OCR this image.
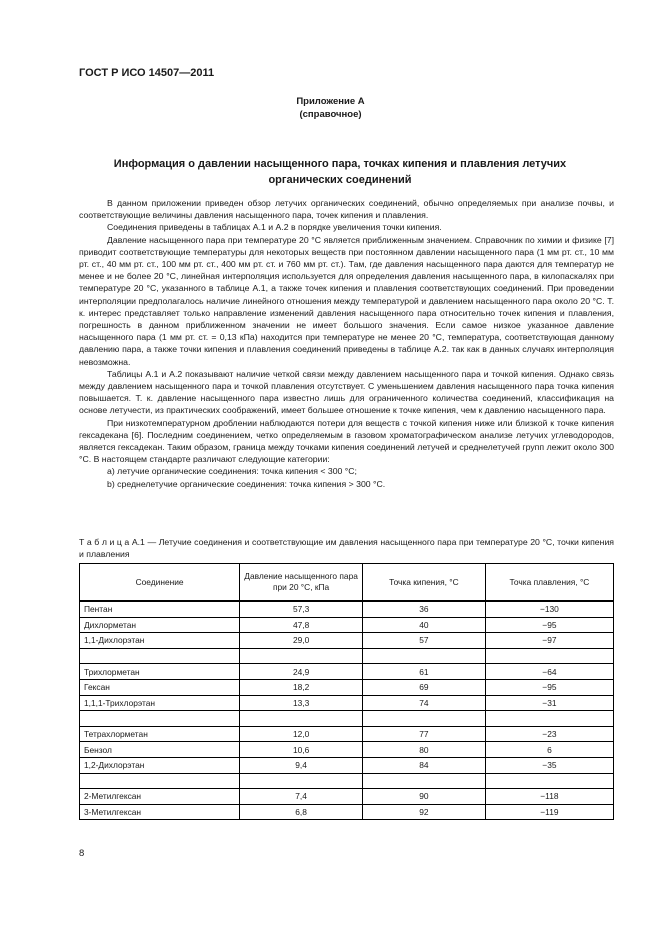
ГОСТ Р ИСО 14507—2011
Приложение A
(справочное)
Информация о давлении насыщенного пара, точках кипения и плавления летучих органических соединений

В данном приложении приведен обзор летучих органических соединений, обычно определяемых при анализе почвы, и соответствующие величины давления насыщенного пара, точек кипения и плавления.

Соединения приведены в таблицах A.1 и A.2 в порядке увеличения точки кипения.

Давление насыщенного пара при температуре 20 °C является приближенным значением. Справочник по химии и физике [7] приводит соответствующие температуры для некоторых веществ при постоянном давлении насыщенного пара (1 мм рт. ст., 10 мм рт. ст., 40 мм рт. ст., 100 мм рт. ст., 400 мм рт. ст. и 760 мм рт. ст.). Там, где давления насыщенного пара даются для температур не менее и не более 20 °C, линейная интерполяция используется для определения давления насыщенного пара, в килопаскалях при температуре 20 °C, указанного в таблице A.1, а также точек кипения и плавления соответствующих соединений. При проведении интерполяции предполагалось наличие линейного отношения между температурой и давлением насыщенного пара около 20 °C. Т. к. интерес представляет только направление изменений давления насыщенного пара относительно точек кипения и плавления, погрешность в данном приближенном значении не имеет большого значения. Если самое низкое указанное давление насыщенного пара (1 мм рт. ст. = 0,13 кПа) находится при температуре не менее 20 °C, температура, соответствующая данному давлению пара, а также точки кипения и плавления соединений приведены в таблице A.2. так как в данных случаях интерполяция невозможна.

Таблицы A.1 и A.2 показывают наличие четкой связи между давлением насыщенного пара и точкой кипения. Однако связь между давлением насыщенного пара и точкой плавления отсутствует. С уменьшением давления насыщенного пара точка кипения повышается. Т. к. давление насыщенного пара известно лишь для ограниченного количества соединений, классификация на основе летучести, из практических соображений, имеет большее отношение к точке кипения, чем к давлению насыщенного пара.

При низкотемпературном дроблении наблюдаются потери для веществ с точкой кипения ниже или близкой к точке кипения гексадекана [6]. Последним соединением, четко определяемым в газовом хроматографическом анализе летучих углеводородов, является гексадекан. Таким образом, граница между точками кипения соединений летучей и среднелетучей групп лежит около 300 °C. В настоящем стандарте различают следующие категории:

a) летучие органические соединения: точка кипения < 300 °C;

b) среднелетучие органические соединения: точка кипения > 300 °C.

Т а б л и ц а A.1 — Летучие соединения и соответствующие им давления насыщенного пара при температуре 20 °C, точки кипения и плавления
Соединение	Давление насыщенного пара при 20 °C, кПа	Точка кипения, °C	Точка плавления, °C
Пентан	57,3	36	−130
Дихлорметан	47,8	40	−95
1,1-Дихлорэтан	29,0	57	−97

Трихлорметан	24,9	61	−64
Гексан	18,2	69	−95
1,1,1-Трихлорэтан	13,3	74	−31

Тетрахлорметан	12,0	77	−23
Бензол	10,6	80	6
1,2-Дихлорэтан	9,4	84	−35

2-Метилгексан	7,4	90	−118
3-Метилгексан	6,8	92	−119
8
